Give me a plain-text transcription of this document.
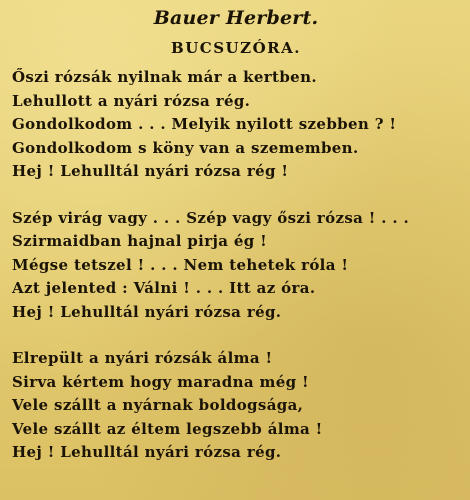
Bauer Herbert.
BUCSUZÓRA.
Őszi rózsák nyilnak már a kertben.
Lehullott a nyári rózsa rég.
Gondolkodom . . . Melyik nyilott szebben ? !
Gondolkodom s köny van a szememben.
Hej ! Lehulltál nyári rózsa rég !
Szép virág vagy . . . Szép vagy őszi rózsa ! . . .
Szirmaidban hajnal pirja ég !
Mégse tetszel ! . . . Nem tehetek róla !
Azt jelented : Válni ! . . . Itt az óra.
Hej ! Lehulltál nyári rózsa rég.
Elrepült a nyári rózsák álma !
Sirva kértem hogy maradna még !
Vele szállt a nyárnak boldogsága,
Vele szállt az éltem legszebb álma !
Hej ! Lehulltál nyári rózsa rég.
